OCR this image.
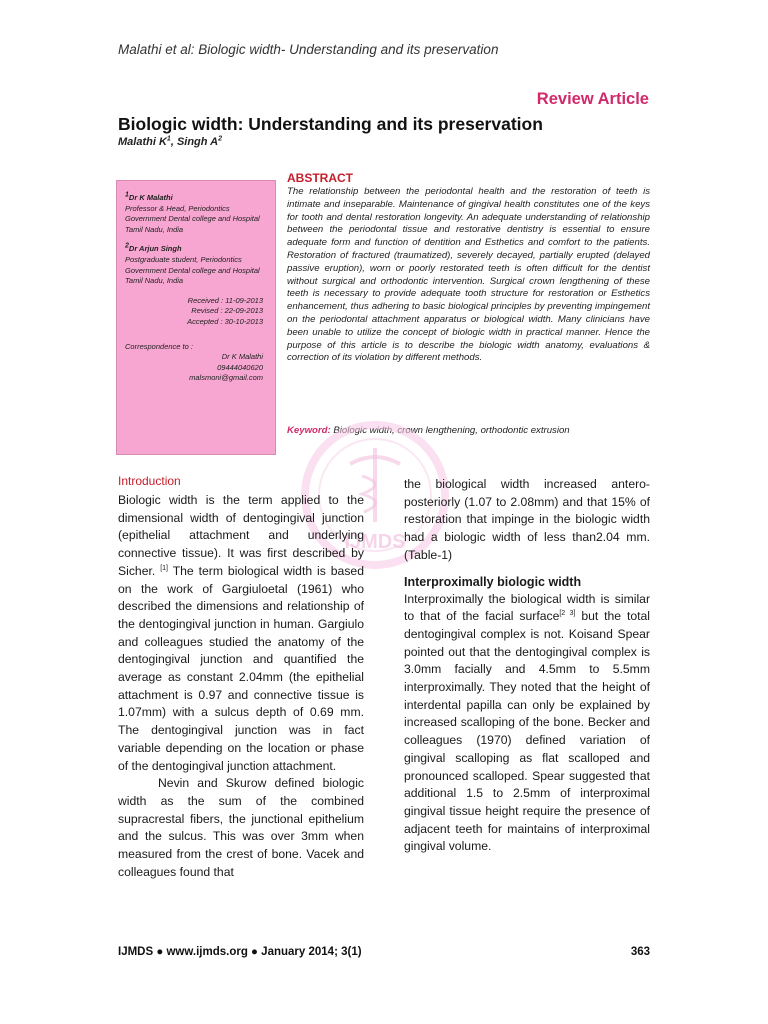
Malathi et al: Biologic width- Understanding and its preservation
Review Article
Biologic width: Understanding and its preservation
Malathi $K^1$, Singh $A^2$

$^1$Dr K Malathi

Professor & Head, Periodontics

Government Dental college and Hospital

Tamil Nadu, India

$^2$Dr Arjun Singh

Postgraduate student, Periodontics

Government Dental college and Hospital

Tamil Nadu, India

Received : 11-09-2013

Revised : 22-09-2013

Accepted : 30-10-2013

Correspondence to :

Dr K Malathi

09444040620

malsmoni@gmail.com

ABSTRACT

The relationship between the periodontal health and the restoration of teeth is intimate and inseparable. Maintenance of gingival health constitutes one of the keys for tooth and dental restoration longevity. An adequate understanding of relationship between the periodontal tissue and restorative dentistry is essential to ensure adequate form and function of dentition and Esthetics and comfort to the patients. Restoration of fractured (traumatized), severely decayed, partially erupted (delayed passive eruption), worn or poorly restorated teeth is often difficult for the dentist without surgical and orthodontic intervention. Surgical crown lengthening of these teeth is necessary to provide adequate tooth structure for restoration or Esthetics enhancement, thus adhering to basic biological principles by preventing impingement on the periodontal attachment apparatus or biological width. Many clinicians have been unable to utilize the concept of biologic width in practical manner. Hence the purpose of this article is to describe the biologic width anatomy, evaluations & correction of its violation by different methods.

Keyword: Biologic width, crown lengthening, orthodontic extrusion
IJMDS
Introduction

Biologic width is the term applied to the dimensional width of dentogingival junction (epithelial attachment and underlying connective tissue). It was first described by Sicher. [1] The term biological width is based on the work of Gargiuloetal (1961) who described the dimensions and relationship of the dentogingival junction in human. Gargiulo and colleagues studied the anatomy of the dentogingival junction and quantified the average as constant 2.04mm (the epithelial attachment is 0.97 and connective tissue is 1.07mm) with a sulcus depth of 0.69 mm. The dentogingival junction was in fact variable depending on the location or phase of the dentogingival junction attachment.

Nevin and Skurow defined biologic width as the sum of the combined supracrestal fibers, the junctional epithelium and the sulcus. This was over 3mm when measured from the crest of bone. Vacek and colleagues found that

the biological width increased antero-posteriorly (1.07 to 2.08mm) and that 15% of restoration that impinge in the biologic width had a biologic width of less than2.04 mm. (Table-1)

Interproximally biologic width

Interproximally the biological width is similar to that of the facial surface[2 3] but the total dentogingival complex is not. Koisand Spear pointed out that the dentogingival complex is 3.0mm facially and 4.5mm to 5.5mm interproximally. They noted that the height of interdental papilla can only be explained by increased scalloping of the bone. Becker and colleagues (1970) defined variation of gingival scalloping as flat scalloped and pronounced scalloped. Spear suggested that additional 1.5 to 2.5mm of interproximal gingival tissue height require the presence of adjacent teeth for maintains of interproximal gingival volume.

IJMDS ● www.ijmds.org ● January 2014; 3(1)	363
